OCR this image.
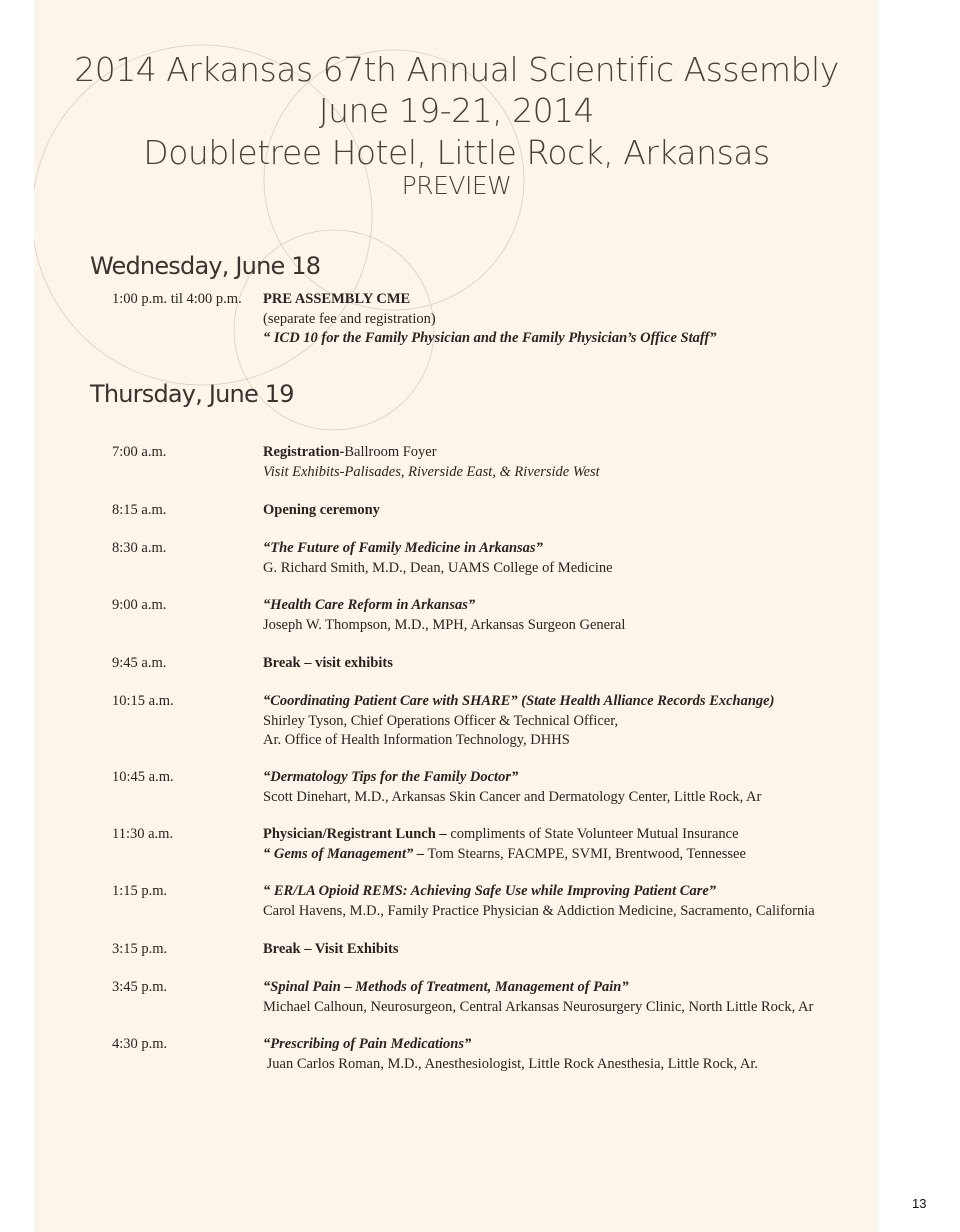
2014 Arkansas 67th Annual Scientific Assembly
June 19-21, 2014
Doubletree Hotel, Little Rock, Arkansas
PREVIEW
Wednesday, June 18
1:00 p.m. til 4:00 p.m. PRE ASSEMBLY CME
(separate fee and registration)
“ ICD 10 for the Family Physician and the Family Physician’s Office Staff”
Thursday, June 19
7:00 a.m.	Registration-Ballroom Foyer
Visit Exhibits-Palisades, Riverside East, & Riverside West
8:15 a.m.	Opening ceremony
8:30 a.m.	“The Future of Family Medicine in Arkansas”
G. Richard Smith, M.D., Dean, UAMS College of Medicine
9:00 a.m.	“Health Care Reform in Arkansas”
Joseph W. Thompson, M.D., MPH, Arkansas Surgeon General
9:45 a.m.	Break – visit exhibits
10:15 a.m.	“Coordinating Patient Care with SHARE” (State Health Alliance Records Exchange)
Shirley Tyson, Chief Operations Officer & Technical Officer,
Ar. Office of Health Information Technology, DHHS
10:45 a.m.	“Dermatology Tips for the Family Doctor”
Scott Dinehart, M.D., Arkansas Skin Cancer and Dermatology Center, Little Rock, Ar
11:30 a.m.	Physician/Registrant Lunch – compliments of State Volunteer Mutual Insurance
“ Gems of Management” – Tom Stearns, FACMPE, SVMI, Brentwood, Tennessee
1:15 p.m.	“ ER/LA Opioid REMS: Achieving Safe Use while Improving Patient Care”
Carol Havens, M.D., Family Practice Physician & Addiction Medicine, Sacramento, California
3:15 p.m.	Break – Visit Exhibits
3:45 p.m.	“Spinal Pain – Methods of Treatment, Management of Pain”
Michael Calhoun, Neurosurgeon, Central Arkansas Neurosurgery Clinic, North Little Rock, Ar
4:30 p.m.	“Prescribing of Pain Medications”
Juan Carlos Roman, M.D., Anesthesiologist, Little Rock Anesthesia, Little Rock, Ar.
13
